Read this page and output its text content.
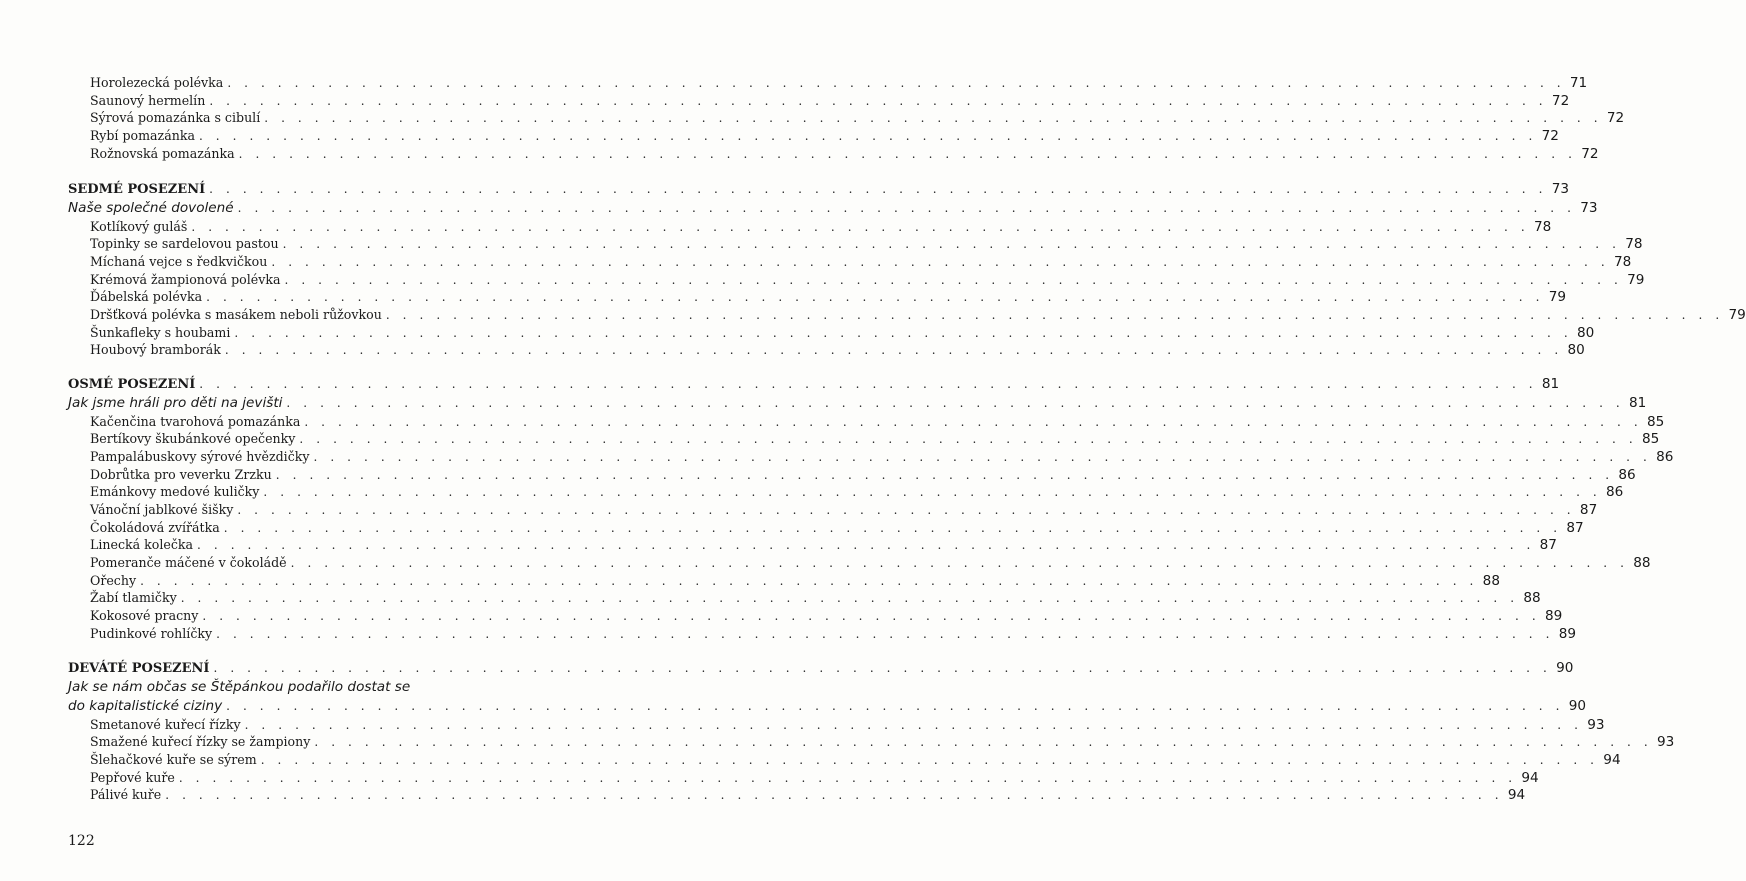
Horolezecká polévka . . . . . . . . . . . . . . . . . . . . . . . . . . . . . . . . . . . . . . . . . . . . . . . . . . . . . . . . . . . . . . . . . . . . . . . . . . . . . . . . 71
Saunový hermelín . . . . . . . . . . . . . . . . . . . . . . . . . . . . . . . . . . . . . . . . . . . . . . . . . . . . . . . . . . . . . . . . . . . . . . . . . . . . . . . . 72
Sýrová pomazánka s cibulí . . . . . . . . . . . . . . . . . . . . . . . . . . . . . . . . . . . . . . . . . . . . . . . . . . . . . . . . . . . . . . . . . . . . . . . . . . . . . . . . 72
Rybí pomazánka . . . . . . . . . . . . . . . . . . . . . . . . . . . . . . . . . . . . . . . . . . . . . . . . . . . . . . . . . . . . . . . . . . . . . . . . . . . . . . . . 72
Rožnovská pomazánka . . . . . . . . . . . . . . . . . . . . . . . . . . . . . . . . . . . . . . . . . . . . . . . . . . . . . . . . . . . . . . . . . . . . . . . . . . . . . . . . 72
SEDMÉ POSEZENÍ . . . . . . . . . . . . . . . . . . . . . . . . . . . . . . . . . . . . . . . . . . . . . . . . . . . . . . . . . . . . . . . . . . . . . . . . . . . . . . . . 73
Naše společné dovolené . . . . . . . . . . . . . . . . . . . . . . . . . . . . . . . . . . . . . . . . . . . . . . . . . . . . . . . . . . . . . . . . . . . . . . . . . . . . . . . . 73
Kotlíkový guláš . . . . . . . . . . . . . . . . . . . . . . . . . . . . . . . . . . . . . . . . . . . . . . . . . . . . . . . . . . . . . . . . . . . . . . . . . . . . . . . . 78
Topinky se sardelovou pastou . . . . . . . . . . . . . . . . . . . . . . . . . . . . . . . . . . . . . . . . . . . . . . . . . . . . . . . . . . . . . . . . . . . . . . . . . . . . . . . . 78
Míchaná vejce s ředkvičkou . . . . . . . . . . . . . . . . . . . . . . . . . . . . . . . . . . . . . . . . . . . . . . . . . . . . . . . . . . . . . . . . . . . . . . . . . . . . . . . . 78
Krémová žampionová polévka . . . . . . . . . . . . . . . . . . . . . . . . . . . . . . . . . . . . . . . . . . . . . . . . . . . . . . . . . . . . . . . . . . . . . . . . . . . . . . . . 79
Ďábelská polévka . . . . . . . . . . . . . . . . . . . . . . . . . . . . . . . . . . . . . . . . . . . . . . . . . . . . . . . . . . . . . . . . . . . . . . . . . . . . . . . . 79
Dršťková polévka s masákem neboli růžovkou . . . . . . . . . . . . . . . . . . . . . . . . . . . . . . . . . . . . . . . . . . . . . . . . . . . . . . . . . . . . . . . . . . . . . . . . . . . . . . . . 79
Šunkafleky s houbami . . . . . . . . . . . . . . . . . . . . . . . . . . . . . . . . . . . . . . . . . . . . . . . . . . . . . . . . . . . . . . . . . . . . . . . . . . . . . . . . 80
Houbový bramborák . . . . . . . . . . . . . . . . . . . . . . . . . . . . . . . . . . . . . . . . . . . . . . . . . . . . . . . . . . . . . . . . . . . . . . . . . . . . . . . . 80
OSMÉ POSEZENÍ . . . . . . . . . . . . . . . . . . . . . . . . . . . . . . . . . . . . . . . . . . . . . . . . . . . . . . . . . . . . . . . . . . . . . . . . . . . . . . . . 81
Jak jsme hráli pro děti na jevišti . . . . . . . . . . . . . . . . . . . . . . . . . . . . . . . . . . . . . . . . . . . . . . . . . . . . . . . . . . . . . . . . . . . . . . . . . . . . . . . . 81
Kačenčina tvarohová pomazánka . . . . . . . . . . . . . . . . . . . . . . . . . . . . . . . . . . . . . . . . . . . . . . . . . . . . . . . . . . . . . . . . . . . . . . . . . . . . . . . . 85
Bertíkovy škubánkové opečenky . . . . . . . . . . . . . . . . . . . . . . . . . . . . . . . . . . . . . . . . . . . . . . . . . . . . . . . . . . . . . . . . . . . . . . . . . . . . . . . . 85
Pampalábuskovy sýrové hvězdičky . . . . . . . . . . . . . . . . . . . . . . . . . . . . . . . . . . . . . . . . . . . . . . . . . . . . . . . . . . . . . . . . . . . . . . . . . . . . . . . . 86
Dobrůtka pro veverku Zrzku . . . . . . . . . . . . . . . . . . . . . . . . . . . . . . . . . . . . . . . . . . . . . . . . . . . . . . . . . . . . . . . . . . . . . . . . . . . . . . . . 86
Emánkovy medové kuličky . . . . . . . . . . . . . . . . . . . . . . . . . . . . . . . . . . . . . . . . . . . . . . . . . . . . . . . . . . . . . . . . . . . . . . . . . . . . . . . . 86
Vánoční jablkové šišky . . . . . . . . . . . . . . . . . . . . . . . . . . . . . . . . . . . . . . . . . . . . . . . . . . . . . . . . . . . . . . . . . . . . . . . . . . . . . . . . 87
Čokoládová zvířátka . . . . . . . . . . . . . . . . . . . . . . . . . . . . . . . . . . . . . . . . . . . . . . . . . . . . . . . . . . . . . . . . . . . . . . . . . . . . . . . . 87
Linecká kolečka . . . . . . . . . . . . . . . . . . . . . . . . . . . . . . . . . . . . . . . . . . . . . . . . . . . . . . . . . . . . . . . . . . . . . . . . . . . . . . . . 87
Pomeranče máčené v čokoládě . . . . . . . . . . . . . . . . . . . . . . . . . . . . . . . . . . . . . . . . . . . . . . . . . . . . . . . . . . . . . . . . . . . . . . . . . . . . . . . . 88
Ořechy . . . . . . . . . . . . . . . . . . . . . . . . . . . . . . . . . . . . . . . . . . . . . . . . . . . . . . . . . . . . . . . . . . . . . . . . . . . . . . . . 88
Žabí tlamičky . . . . . . . . . . . . . . . . . . . . . . . . . . . . . . . . . . . . . . . . . . . . . . . . . . . . . . . . . . . . . . . . . . . . . . . . . . . . . . . . 88
Kokosové pracny . . . . . . . . . . . . . . . . . . . . . . . . . . . . . . . . . . . . . . . . . . . . . . . . . . . . . . . . . . . . . . . . . . . . . . . . . . . . . . . . 89
Pudinkové rohlíčky . . . . . . . . . . . . . . . . . . . . . . . . . . . . . . . . . . . . . . . . . . . . . . . . . . . . . . . . . . . . . . . . . . . . . . . . . . . . . . . . 89
DEVÁTÉ POSEZENÍ . . . . . . . . . . . . . . . . . . . . . . . . . . . . . . . . . . . . . . . . . . . . . . . . . . . . . . . . . . . . . . . . . . . . . . . . . . . . . . . . 90
Jak se nám občas se Štěpánkou podařilo dostat se
do kapitalistické ciziny . . . . . . . . . . . . . . . . . . . . . . . . . . . . . . . . . . . . . . . . . . . . . . . . . . . . . . . . . . . . . . . . . . . . . . . . . . . . . . . . 90
Smetanové kuřecí řízky . . . . . . . . . . . . . . . . . . . . . . . . . . . . . . . . . . . . . . . . . . . . . . . . . . . . . . . . . . . . . . . . . . . . . . . . . . . . . . . . 93
Smažené kuřecí řízky se žampiony . . . . . . . . . . . . . . . . . . . . . . . . . . . . . . . . . . . . . . . . . . . . . . . . . . . . . . . . . . . . . . . . . . . . . . . . . . . . . . . . 93
Šlehačkové kuře se sýrem . . . . . . . . . . . . . . . . . . . . . . . . . . . . . . . . . . . . . . . . . . . . . . . . . . . . . . . . . . . . . . . . . . . . . . . . . . . . . . . . 94
Pepřové kuře . . . . . . . . . . . . . . . . . . . . . . . . . . . . . . . . . . . . . . . . . . . . . . . . . . . . . . . . . . . . . . . . . . . . . . . . . . . . . . . . 94
Pálivé kuře . . . . . . . . . . . . . . . . . . . . . . . . . . . . . . . . . . . . . . . . . . . . . . . . . . . . . . . . . . . . . . . . . . . . . . . . . . . . . . . . 94
122
